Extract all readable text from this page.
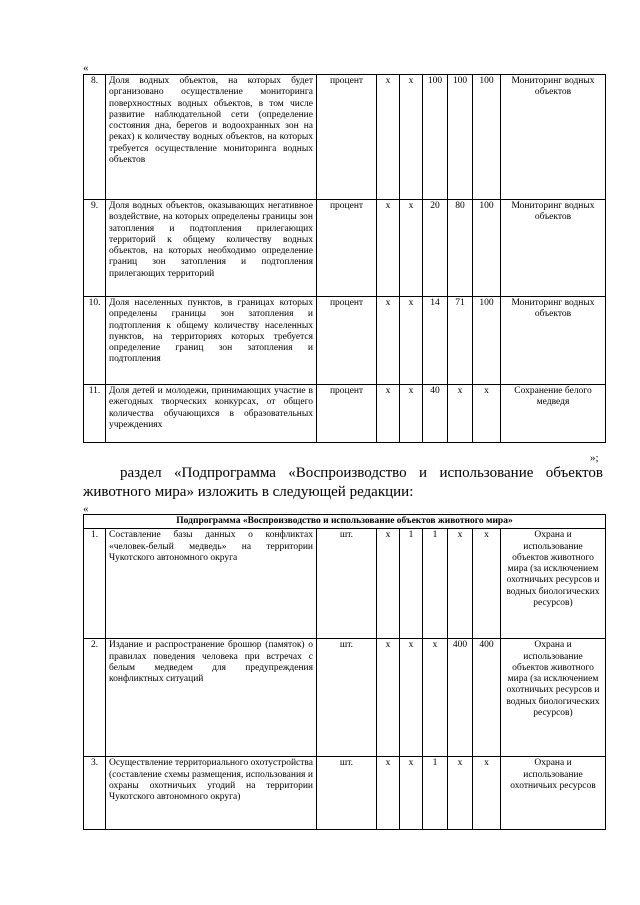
«
8.	Доля водных объектов, на которых будет организовано осуществление мониторинга поверхностных водных объектов, в том числе развитие наблюдательной сети (определение состояния дна, берегов и водоохранных зон на реках) к количеству водных объектов, на которых требуется осуществление мониторинга водных объектов	процент	х	х	100	100	100	Мониторинг водных объектов
9.	Доля водных объектов, оказывающих негативное воздействие, на которых определены границы зон затопления и подтопления прилегающих территорий к общему количеству водных объектов, на которых необходимо определение границ зон затопления и подтопления прилегающих территорий	процент	х	х	20	80	100	Мониторинг водных объектов
10.	Доля населенных пунктов, в границах которых определены границы зон затопления и подтопления к общему количеству населенных пунктов, на территориях которых требуется определение границ зон затопления и подтопления	процент	х	х	14	71	100	Мониторинг водных объектов
11.	Доля детей и молодежи, принимающих участие в ежегодных творческих конкурсах, от общего количества обучающихся в образовательных учреждениях	процент	х	х	40	х	х	Сохранение белого медведя
»;
раздел «Подпрограмма «Воспроизводство и использование объектов животного мира» изложить в следующей редакции:
«
Подпрограмма «Воспроизводство и использование объектов животного мира»								
1.	Составление базы данных о конфликтах «человек-белый медведь» на территории Чукотского автономного округа	шт.	х	1	1	х	х	Охрана и использование объектов животного мира (за исключением охотничьих ресурсов и водных биологических ресурсов)
2.	Издание и распространение брошюр (памяток) о правилах поведения человека при встречах с белым медведем для предупреждения конфликтных ситуаций	шт.	х	х	х	400	400	Охрана и использование объектов животного мира (за исключением охотничьих ресурсов и водных биологических ресурсов)
3.	Осуществление территориального охотустройства (составление схемы размещения, использования и охраны охотничьих угодий на территории Чукотского автономного округа)	шт.	х	х	1	х	х	Охрана и использование охотничьих ресурсов
